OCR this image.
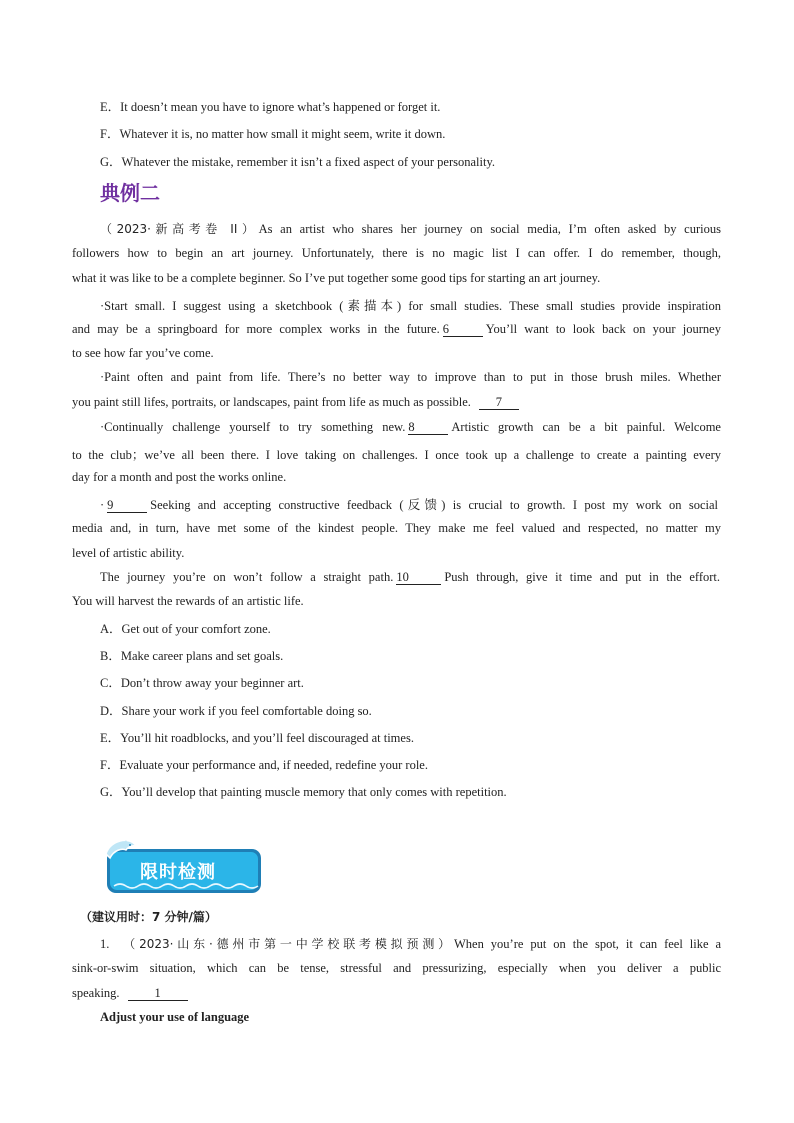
E．It doesn’t mean you have to ignore what’s happened or forget it.
F．Whatever it is, no matter how small it might seem, write it down.
G．Whatever the mistake, remember it isn’t a fixed aspect of your personality.
典例二
（2023·新高考卷 II）As an artist who shares her journey on social media, I’m often asked by curious
followers how to begin an art journey. Unfortunately, there is no magic list I can offer. I do remember, though,
what it was like to be a complete beginner. So I’ve put together some good tips for starting an art journey.
·Start small. I suggest using a sketchbook (素描本) for small studies. These small studies provide inspiration
and may be a springboard for more complex works in the future. 6	You’ll want to look back on your journey
to see how far you’ve come.
·Paint often and paint from life. There’s no better way to improve than to put in those brush miles. Whether
you paint still lifes, portraits, or landscapes, paint from life as much as possible. 7
·Continually challenge yourself to try something new. 8	Artistic growth can be a bit painful. Welcome
to the club；we’ve all been there. I love taking on challenges. I once took up a challenge to create a painting every
day for a month and post the works online.
· 9	Seeking and accepting constructive feedback (反馈) is crucial to growth. I post my work on social
media and, in turn, have met some of the kindest people. They make me feel valued and respected, no matter my
level of artistic ability.
The journey you’re on won’t follow a straight path. 10	Push through, give it time and put in the effort.
You will harvest the rewards of an artistic life.
A．Get out of your comfort zone.
B．Make career plans and set goals.
C．Don’t throw away your beginner art.
D．Share your work if you feel comfortable doing so.
E．You’ll hit roadblocks, and you’ll feel discouraged at times.
F．Evaluate your performance and, if needed, redefine your role.
G．You’ll develop that painting muscle memory that only comes with repetition.
限时检测
（建议用时：7 分钟/篇）
1. （2023·山东·德州市第一中学校联考模拟预测）When you’re put on the spot, it can feel like a
sink-or-swim situation, which can be tense, stressful and pressurizing, especially when you deliver a public
speaking.	1
Adjust your use of language
